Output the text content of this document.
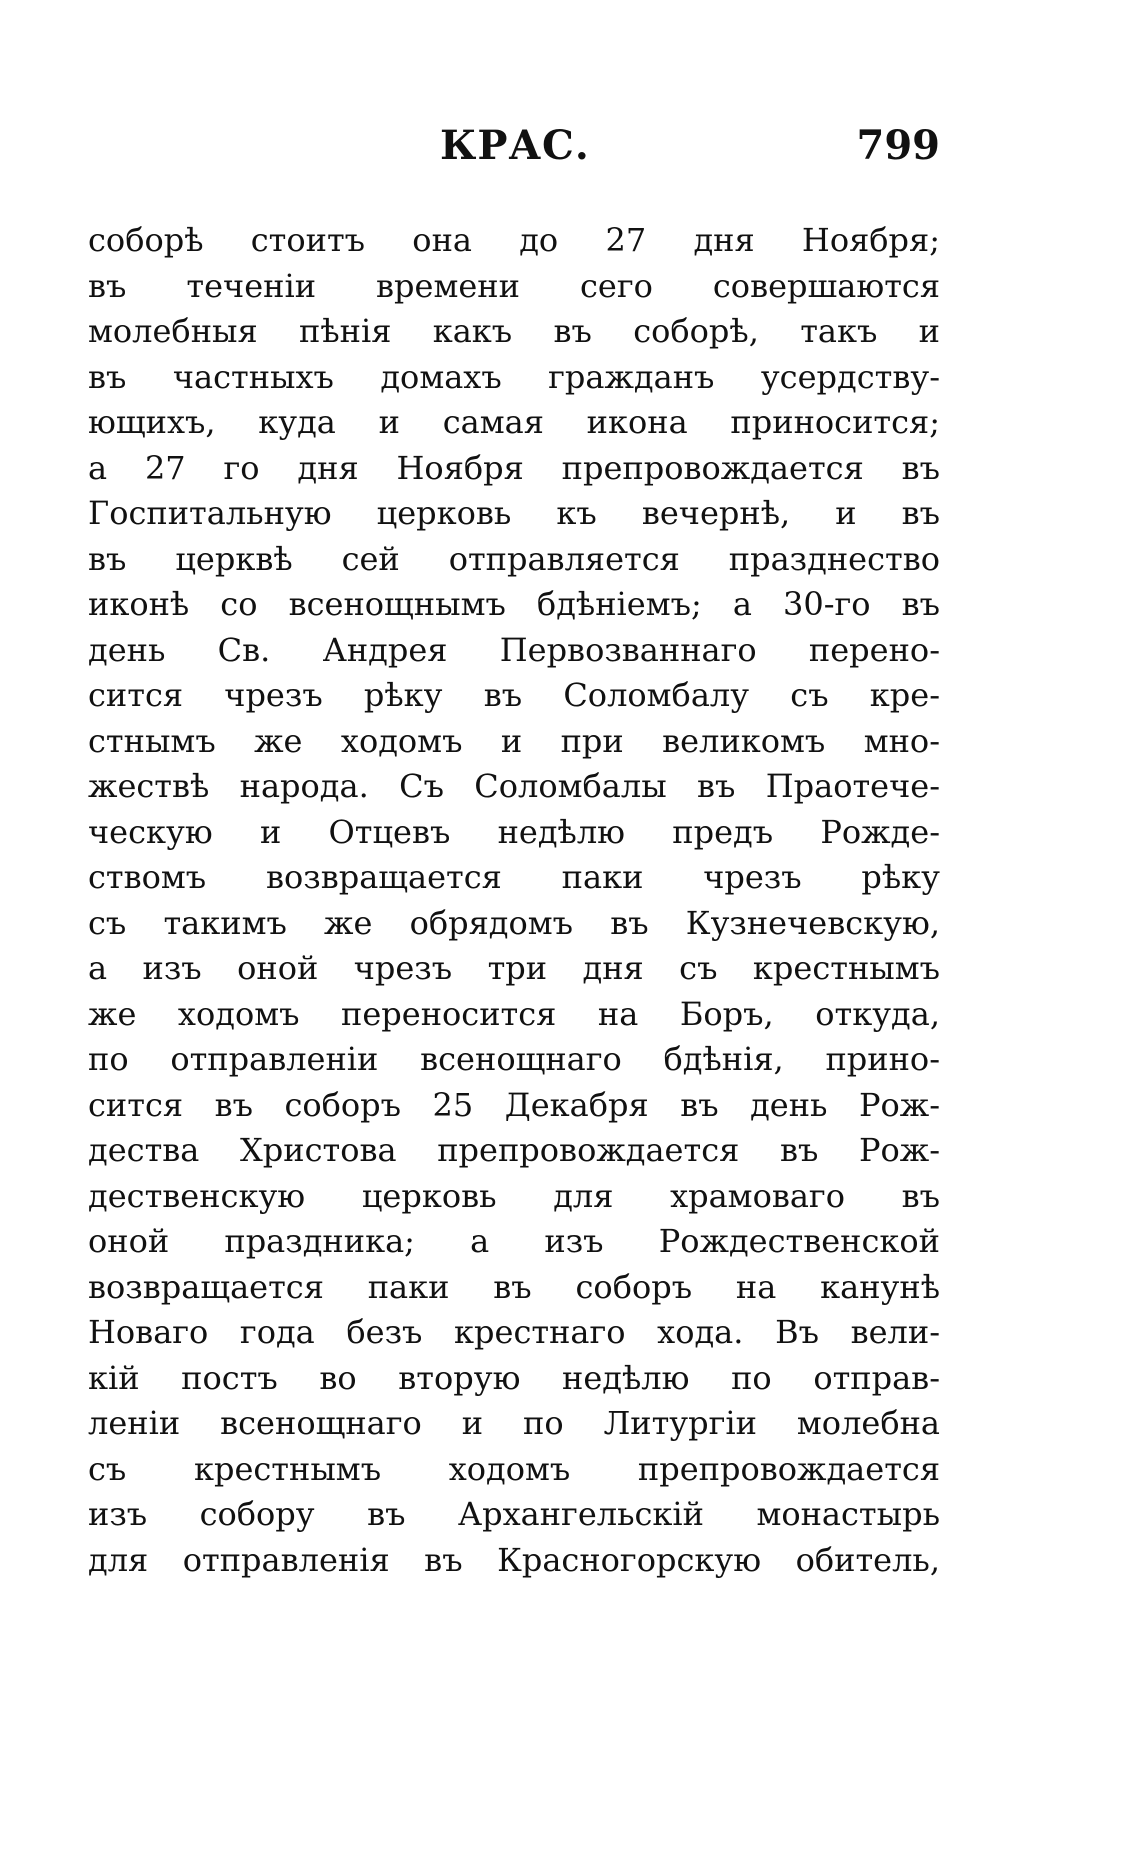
КРАС.	799
соборѣ стоитъ она до 27 дня Ноября;
въ теченіи времени сего совершаются
молебныя пѣнія какъ въ соборѣ, такъ и
въ частныхъ домахъ гражданъ усердству-
ющихъ, куда и самая икона приносится;
а 27 го дня Ноября препровождается въ
Госпитальную церковь къ вечернѣ, и въ
въ церквѣ сей отправляется празднество
иконѣ со всенощнымъ бдѣніемъ; а 30-го въ
день Св. Андрея Первозваннаго перено-
сится чрезъ рѣку въ Соломбалу съ кре-
стнымъ же ходомъ и при великомъ мно-
жествѣ народа. Съ Соломбалы въ Праотече-
ческую и Отцевъ недѣлю предъ Рожде-
ствомъ возвращается паки чрезъ рѣку
съ такимъ же обрядомъ въ Кузнечевскую,
а изъ оной чрезъ три дня съ крестнымъ
же ходомъ переносится на Боръ, откуда,
по отправленіи всенощнаго бдѣнія, прино-
сится въ соборъ 25 Декабря въ день Рож-
дества Христова препровождается въ Рож-
дественскую церковь для храмоваго въ
оной праздника; а изъ Рождественской
возвращается паки въ соборъ на канунѣ
Новаго года безъ крестнаго хода. Въ вели-
кій постъ во вторую недѣлю по отправ-
леніи всенощнаго и по Литургіи молебна
съ крестнымъ ходомъ препровождается
изъ собору въ Архангельскій монастырь
для отправленія въ Красногорскую обитель,
